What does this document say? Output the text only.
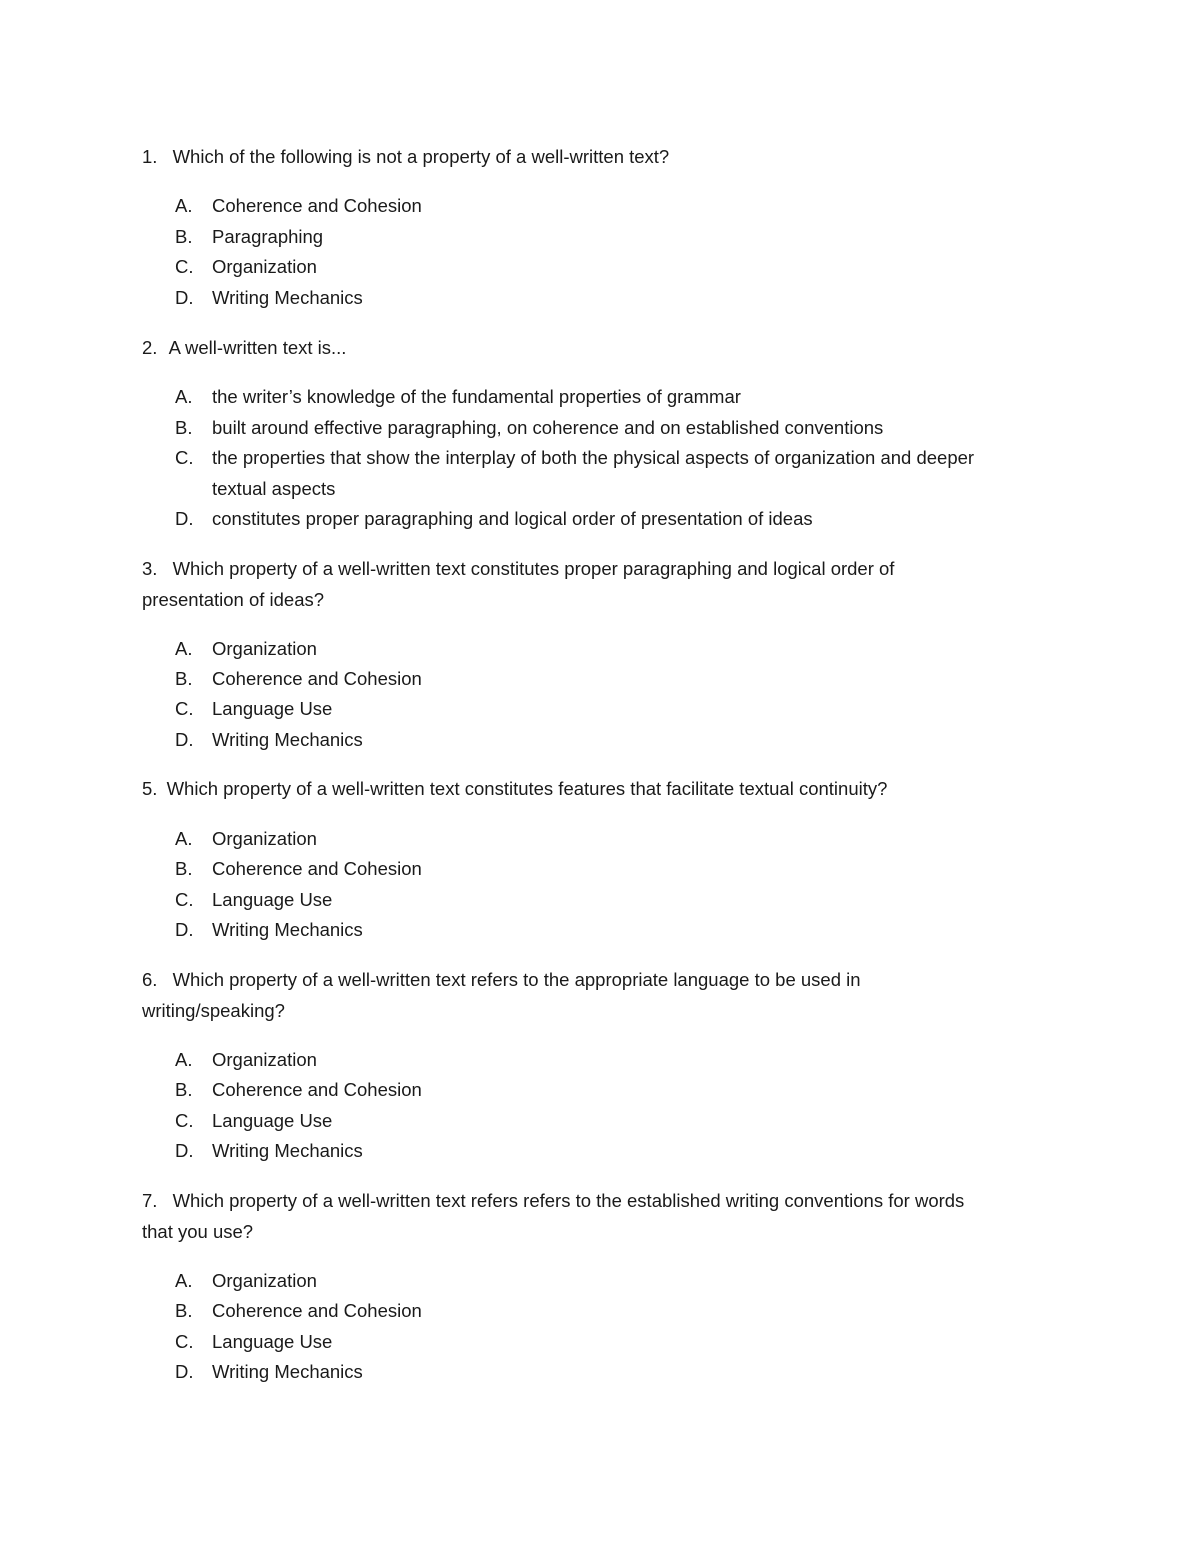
1. Which of the following is not a property of a well-written text?
A. Coherence and Cohesion
B. Paragraphing
C. Organization
D. Writing Mechanics
2. A well-written text is...
A. the writer’s knowledge of the fundamental properties of grammar
B. built around effective paragraphing, on coherence and on established conventions
C. the properties that show the interplay of both the physical aspects of organization and deeper
textual aspects
D. constitutes proper paragraphing and logical order of presentation of ideas
3. Which property of a well-written text constitutes proper paragraphing and logical order of
presentation of ideas?
A. Organization
B. Coherence and Cohesion
C. Language Use
D. Writing Mechanics
5. Which property of a well-written text constitutes features that facilitate textual continuity?
A. Organization
B. Coherence and Cohesion
C. Language Use
D. Writing Mechanics
6. Which property of a well-written text refers to the appropriate language to be used in
writing/speaking?
A. Organization
B. Coherence and Cohesion
C. Language Use
D. Writing Mechanics
7. Which property of a well-written text refers refers to the established writing conventions for words
that you use?
A. Organization
B. Coherence and Cohesion
C. Language Use
D. Writing Mechanics
